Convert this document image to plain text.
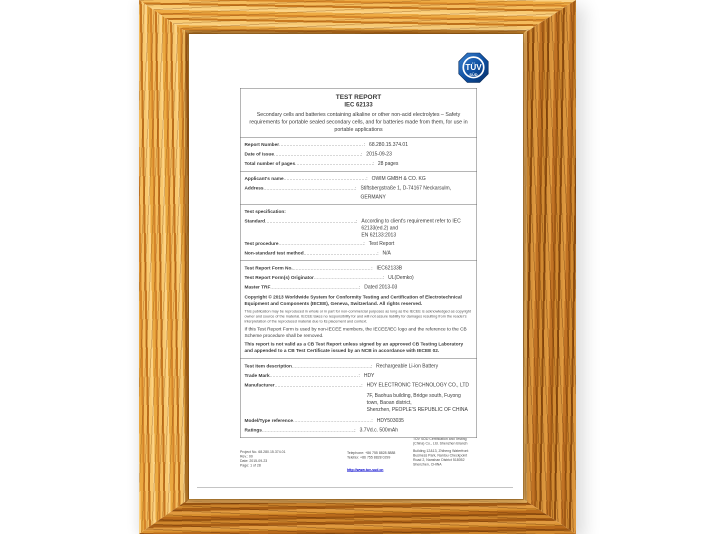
TÜV
SÜD
TEST REPORT
IEC 62133
Secondary cells and batteries containing alkaline or other non-acid electrolytes – Safety requirements for portable sealed secondary cells, and for batteries made from them, for use in portable applications
Report Number ..... :	68.280.15.374.01
Date of issue ..... :	2015-09-23
Total number of pages ..... :	28 pages
Applicant's name ..... :	OWIM GMBH & CO. KG
Address ..... :	Stiftsbergstraße 1, D-74167 Neckarsulm, GERMANY
Test specification:
Standard ..... :	According to client's requirement refer to IEC 62133(ed.2) and
EN 62133:2013
Test procedure ..... :	Test Report
Non-standard test method ..... :	N/A
Test Report Form No. ..... :	IEC62133B
Test Report Form(s) Originator ..... :	UL(Demko)
Master TRF ..... :	Dated 2013-03
Copyright © 2013 Worldwide System for Conformity Testing and Certification of Electrotechnical Equipment and Components (IECEE), Geneva, Switzerland. All rights reserved.
This publication may be reproduced in whole or in part for non-commercial purposes as long as the IECEE is acknowledged as copyright owner and source of the material. IECEE takes no responsibility for and will not assure liability for damages resulting from the reader's interpretation of the reproduced material due to its placement and context.
If this Test Report Form is used by non-IECEE members, the IECEE/IEC logo and the reference to the CB Scheme procedure shall be removed.
This report is not valid as a CB Test Report unless signed by an approved CB Testing Laboratory and appended to a CB Test Certificate issued by an NCB in accordance with IECEE 02.
Test item description ..... :	Rechargeable Li-ion Battery
Trade Mark ..... :	HDY
Manufacturer ..... :	HDY ELECTRONIC TECHNOLOGY CO., LTD
7F, Baohua building, Bridge south, Fuyong town, Baoan district,
Shenzhen, PEOPLE'S REPUBLIC OF CHINA
Model/Type reference ..... :	HDY503035
Ratings ..... :	3.7Vd.c. 500mAh
Project No. 68.280.15.374.01
Rev.: 00
Date: 2015-09-23
Page: 1 of 28
Telephone: +86 755 8828 8888
Telefax: +86 755 8828 0299
http://www.tuv-sud.cn
TÜV SÜD Certification and Testing
(China) Co., Ltd. Shenzhen Branch
Building 12&13, Zhiheng Waterfront
Business Park, Nantou Checkpoint
Road 2, Nanshan District 518052
Shenzhen, CHINA
